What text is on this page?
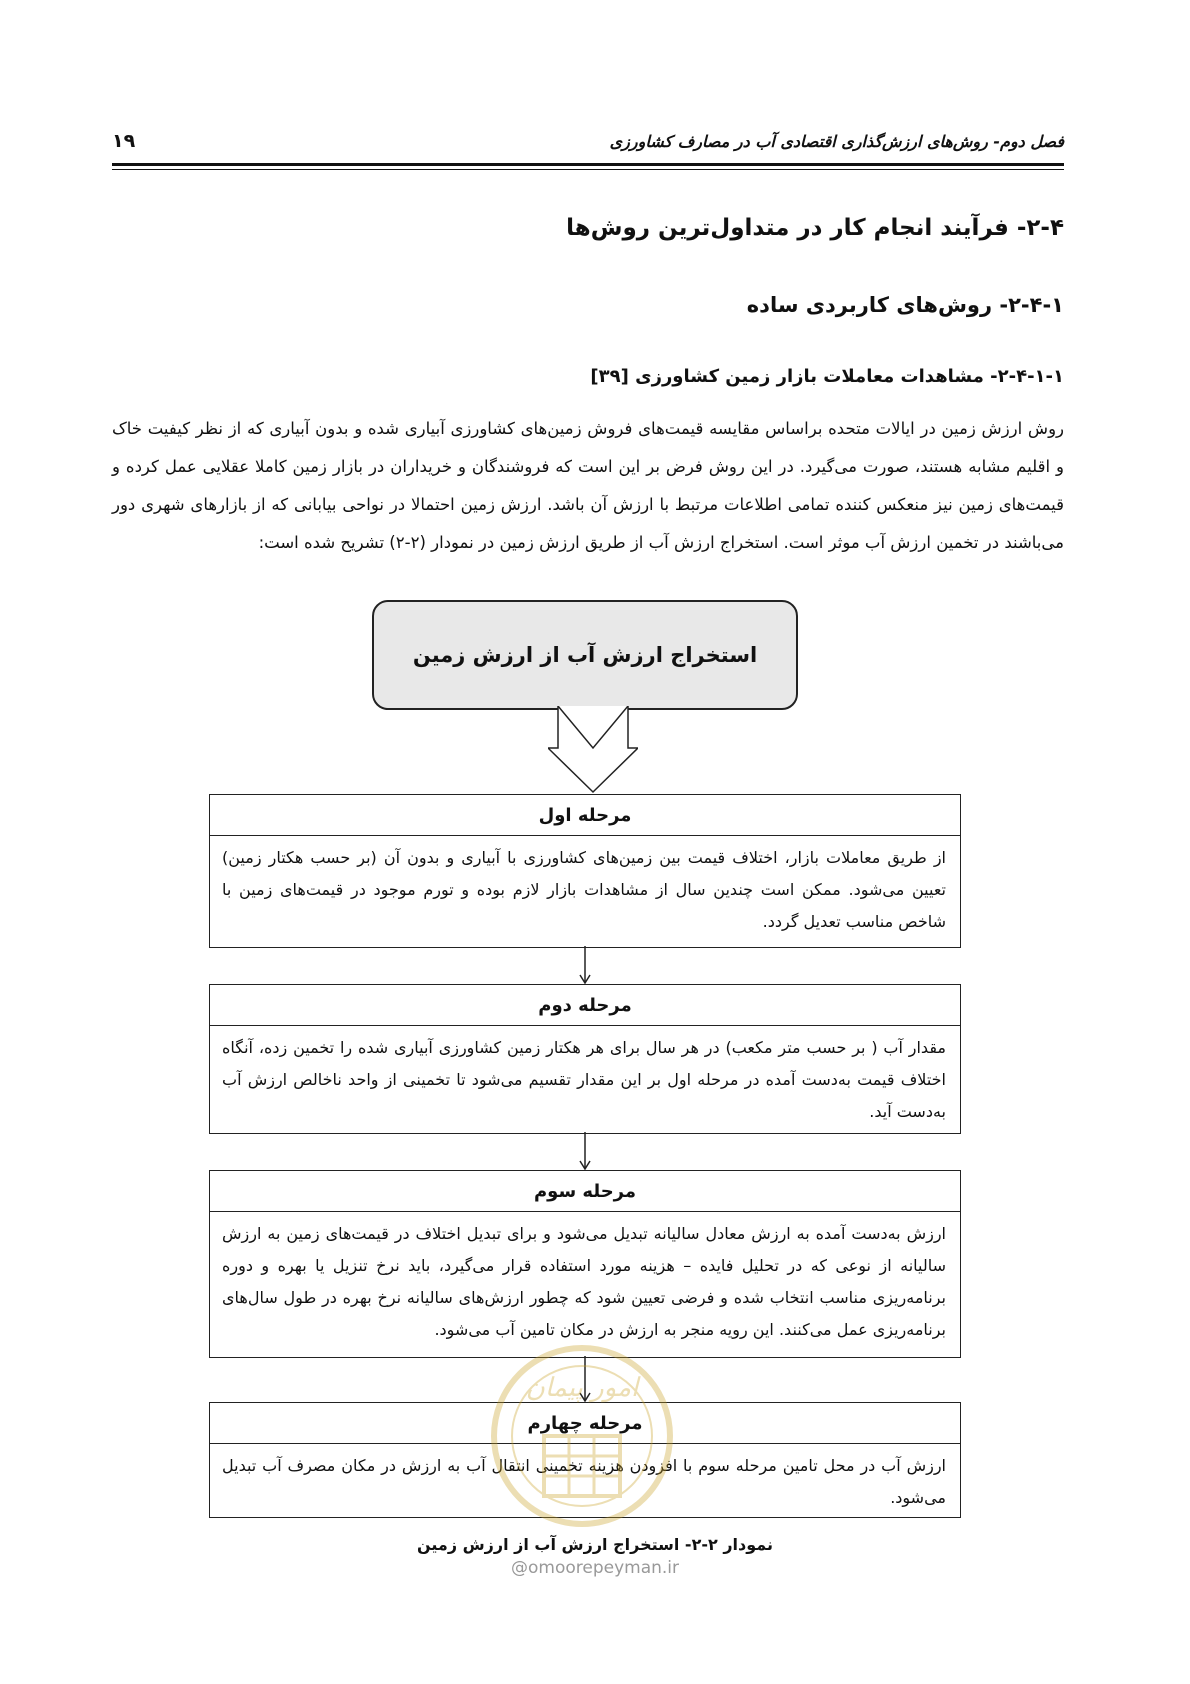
فصل دوم- روش‌های ارزش‌گذاری اقتصادی آب در مصارف کشاورزی
۱۹
۲-۴- فرآیند انجام کار در متداول‌ترین روش‌ها
۲-۴-۱- روش‌های کاربردی ساده
۲-۴-۱-۱- مشاهدات معاملات بازار زمین کشاورزی [۳۹]
روش ارزش زمین در ایالات متحده براساس مقایسه قیمت‌های فروش زمین‌های کشاورزی آبیاری شده و بدون آبیاری که از نظر کیفیت خاک و اقلیم مشابه هستند، صورت می‌گیرد. در این روش فرض بر این است که فروشندگان و خریداران در بازار زمین کاملا عقلایی عمل کرده و قیمت‌های زمین نیز منعکس کننده تمامی اطلاعات مرتبط با ارزش آن باشد. ارزش زمین احتمالا در نواحی بیابانی که از بازارهای شهری دور می‌باشند در تخمین ارزش آب موثر است. استخراج ارزش آب از طریق ارزش زمین در نمودار (۲-۲) تشریح شده است:
استخراج ارزش آب از ارزش زمین
مرحله اول
از طریق معاملات بازار، اختلاف قیمت بین زمین‌های کشاورزی با آبیاری و بدون آن (بر حسب هکتار زمین) تعیین می‌شود. ممکن است چندین سال از مشاهدات بازار لازم بوده و تورم موجود در قیمت‌های زمین با شاخص مناسب تعدیل گردد.
مرحله دوم
مقدار آب ( بر حسب متر مکعب) در هر سال برای هر هکتار زمین کشاورزی آبیاری شده را تخمین زده، آنگاه اختلاف قیمت به‌دست آمده در مرحله اول بر این مقدار تقسیم می‌شود تا تخمینی از واحد ناخالص ارزش آب به‌دست آید.
مرحله سوم
ارزش به‌دست آمده به ارزش معادل سالیانه تبدیل می‌شود و برای تبدیل اختلاف در قیمت‌های زمین به ارزش سالیانه از نوعی که در تحلیل فایده – هزینه مورد استفاده قرار می‌گیرد، باید نرخ تنزیل یا بهره و دوره برنامه‌ریزی مناسب انتخاب شده و فرضی تعیین شود که چطور ارزش‌های سالیانه نرخ بهره در طول سال‌های برنامه‌ریزی عمل می‌کنند. این رویه منجر به ارزش در مکان تامین آب می‌شود.
مرحله چهارم
ارزش آب در محل تامین مرحله سوم با افزودن هزینه تخمینی انتقال آب به ارزش در مکان مصرف آب تبدیل می‌شود.
امور پیمان
نمودار ۲-۲- استخراج ارزش آب از ارزش زمین
@omoorepeyman.ir
